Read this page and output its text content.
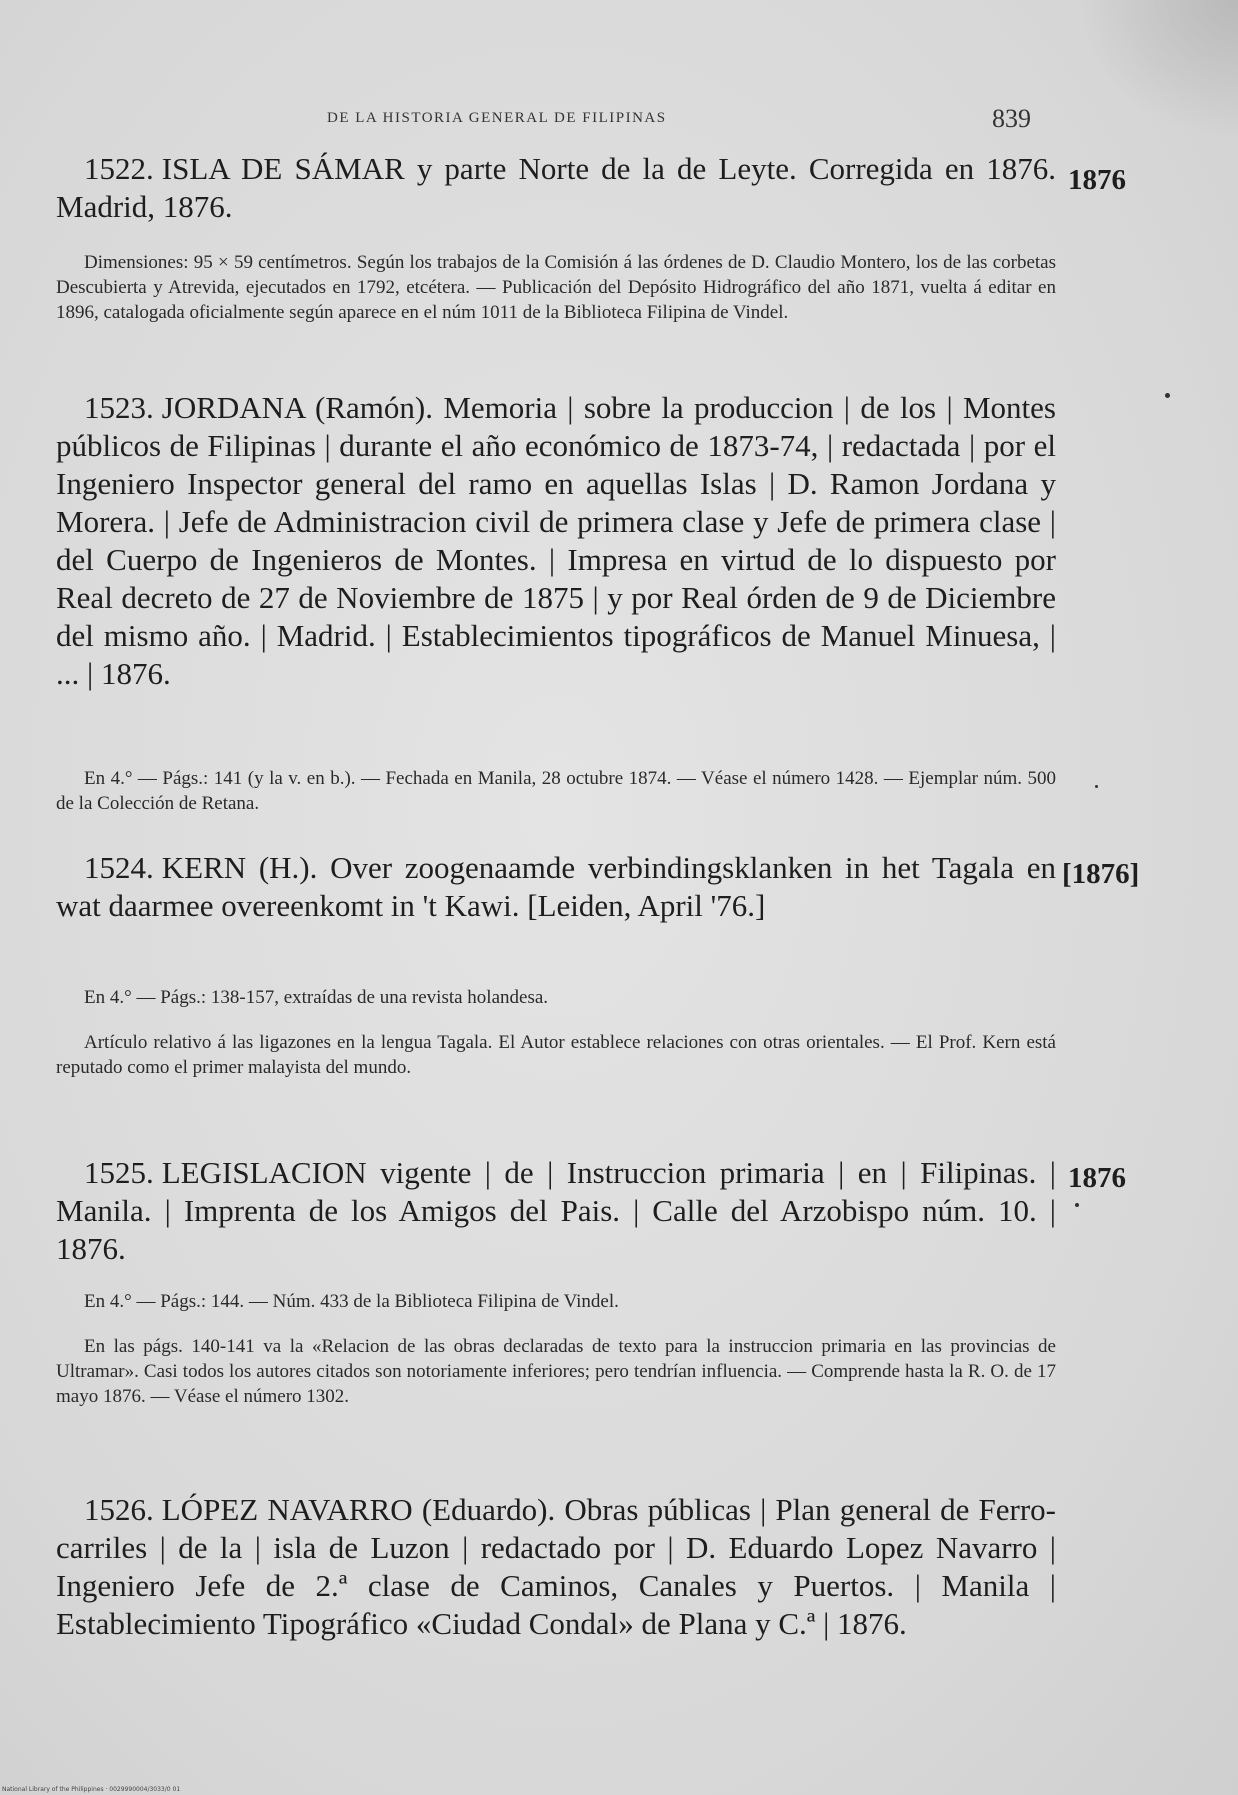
DE LA HISTORIA GENERAL DE FILIPINAS	839
1522. ISLA DE SÁMAR y parte Norte de la de Leyte. Corregida en 1876. Madrid, 1876.
1876
Dimensiones: 95 × 59 centímetros. Según los trabajos de la Comisión á las órdenes de D. Claudio Montero, los de las corbetas Descubierta y Atrevida, ejecutados en 1792, etcétera. — Publicación del Depósito Hidrográfico del año 1871, vuelta á editar en 1896, catalogada oficialmente según aparece en el núm 1011 de la Biblioteca Filipina de Vindel.
1523. JORDANA (Ramón). Memoria | sobre la produccion | de los | Montes públicos de Filipinas | durante el año económico de 1873-74, | redactada | por el Ingeniero Inspector general del ramo en aquellas Islas | D. Ramon Jordana y Morera. | Jefe de Administracion civil de primera clase y Jefe de primera clase | del Cuerpo de Ingenieros de Montes. | Impresa en virtud de lo dispuesto por Real decreto de 27 de Noviembre de 1875 | y por Real órden de 9 de Diciembre del mismo año. | Madrid. | Establecimientos tipográficos de Manuel Minuesa, | ... | 1876.
En 4.° — Págs.: 141 (y la v. en b.). — Fechada en Manila, 28 octubre 1874. — Véase el número 1428. — Ejemplar núm. 500 de la Colección de Retana.
1524. KERN (H.). Over zoogenaamde verbindingsklanken in het Tagala en wat daarmee overeenkomt in 't Kawi. [Leiden, April '76.]
[1876]
En 4.° — Págs.: 138-157, extraídas de una revista holandesa.
Artículo relativo á las ligazones en la lengua Tagala. El Autor establece relaciones con otras orientales. — El Prof. Kern está reputado como el primer malayista del mundo.
1525. LEGISLACION vigente | de | Instruccion primaria | en | Filipinas. | Manila. | Imprenta de los Amigos del Pais. | Calle del Arzobispo núm. 10. | 1876.
1876
En 4.° — Págs.: 144. — Núm. 433 de la Biblioteca Filipina de Vindel.
En las págs. 140-141 va la «Relacion de las obras declaradas de texto para la instruccion primaria en las provincias de Ultramar». Casi todos los autores citados son notoriamente inferiores; pero tendrían influencia. — Comprende hasta la R. O. de 17 mayo 1876. — Véase el número 1302.
1526. LÓPEZ NAVARRO (Eduardo). Obras públicas | Plan general de Ferro-carriles | de la | isla de Luzon | redactado por | D. Eduardo Lopez Navarro | Ingeniero Jefe de 2.ª clase de Caminos, Canales y Puertos. | Manila | Establecimiento Tipográfico «Ciudad Condal» de Plana y C.ª | 1876.
National Library of the Philippines · 0029990004/3033/0 01
